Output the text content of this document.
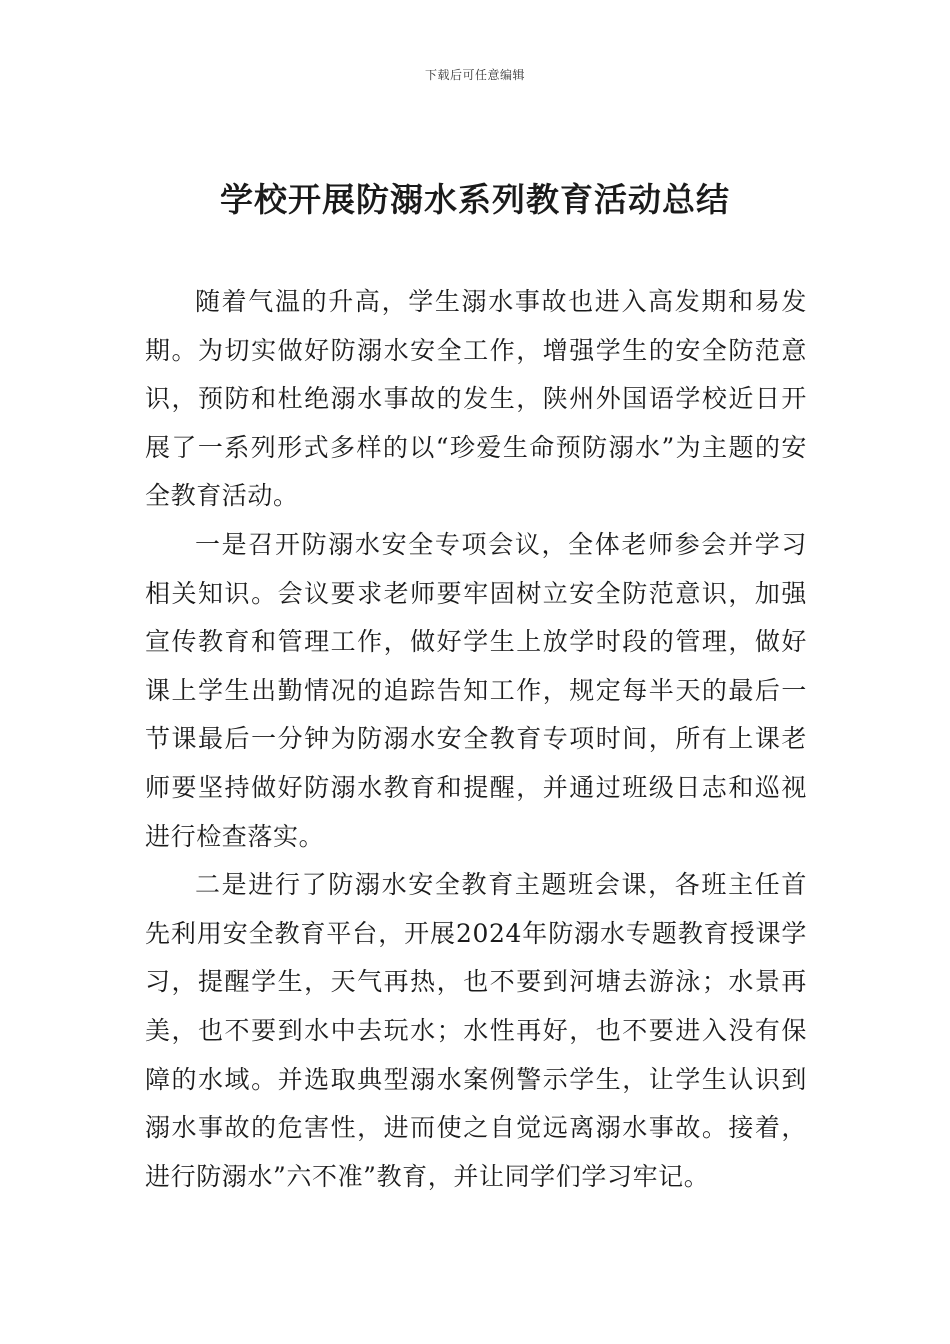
下载后可任意编辑
学校开展防溺水系列教育活动总结

随着气温的升高，学生溺水事故也进入高发期和易发期。为切实做好防溺水安全工作，增强学生的安全防范意识，预防和杜绝溺水事故的发生，陕州外国语学校近日开展了一系列形式多样的以“珍爱生命预防溺水”为主题的安全教育活动。

一是召开防溺水安全专项会议，全体老师参会并学习相关知识。会议要求老师要牢固树立安全防范意识，加强宣传教育和管理工作，做好学生上放学时段的管理，做好课上学生出勤情况的追踪告知工作，规定每半天的最后一节课最后一分钟为防溺水安全教育专项时间，所有上课老师要坚持做好防溺水教育和提醒，并通过班级日志和巡视进行检查落实。

二是进行了防溺水安全教育主题班会课，各班主任首先利用安全教育平台，开展2024年防溺水专题教育授课学习，提醒学生，天气再热，也不要到河塘去游泳；水景再美，也不要到水中去玩水；水性再好，也不要进入没有保障的水域。并选取典型溺水案例警示学生，让学生认识到溺水事故的危害性，进而使之自觉远离溺水事故。接着，进行防溺水”六不准”教育，并让同学们学习牢记。
